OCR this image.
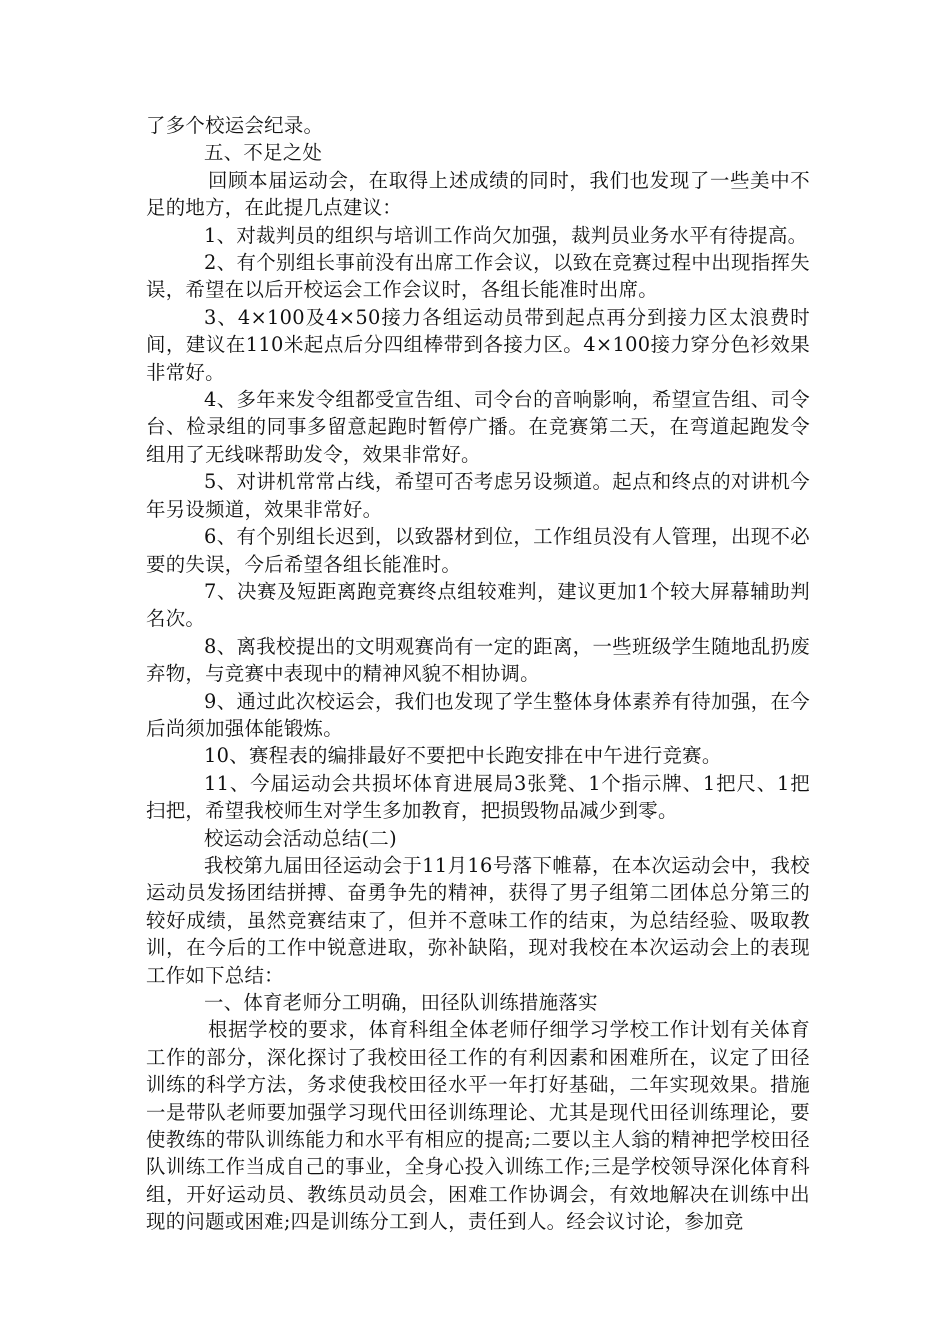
了多个校运会纪录。

五、不足之处

回顾本届运动会，在取得上述成绩的同时，我们也发现了一些美中不足的地方，在此提几点建议：

1、对裁判员的组织与培训工作尚欠加强，裁判员业务水平有待提高。

2、有个别组长事前没有出席工作会议，以致在竞赛过程中出现指挥失误，希望在以后开校运会工作会议时，各组长能准时出席。

3、4×100及4×50接力各组运动员带到起点再分到接力区太浪费时间，建议在110米起点后分四组棒带到各接力区。4×100接力穿分色衫效果非常好。

4、多年来发令组都受宣告组、司令台的音响影响，希望宣告组、司令台、检录组的同事多留意起跑时暂停广播。在竞赛第二天，在弯道起跑发令组用了无线咪帮助发令，效果非常好。

5、对讲机常常占线，希望可否考虑另设频道。起点和终点的对讲机今年另设频道，效果非常好。

6、有个别组长迟到，以致器材到位，工作组员没有人管理，出现不必要的失误，今后希望各组长能准时。

7、决赛及短距离跑竞赛终点组较难判，建议更加1个较大屏幕辅助判名次。

8、离我校提出的文明观赛尚有一定的距离，一些班级学生随地乱扔废弃物，与竞赛中表现中的精神风貌不相协调。

9、通过此次校运会，我们也发现了学生整体身体素养有待加强，在今后尚须加强体能锻炼。

10、赛程表的编排最好不要把中长跑安排在中午进行竞赛。

11、今届运动会共损坏体育进展局3张凳、1个指示牌、1把尺、1把扫把，希望我校师生对学生多加教育，把损毁物品减少到零。

校运动会活动总结(二)

我校第九届田径运动会于11月16号落下帷幕，在本次运动会中，我校运动员发扬团结拼搏、奋勇争先的精神，获得了男子组第二团体总分第三的较好成绩，虽然竞赛结束了，但并不意味工作的结束，为总结经验、吸取教训，在今后的工作中锐意进取，弥补缺陷，现对我校在本次运动会上的表现工作如下总结：

一、体育老师分工明确，田径队训练措施落实

根据学校的要求，体育科组全体老师仔细学习学校工作计划有关体育工作的部分，深化探讨了我校田径工作的有利因素和困难所在，议定了田径训练的科学方法，务求使我校田径水平一年打好基础，二年实现效果。措施一是带队老师要加强学习现代田径训练理论、尤其是现代田径训练理论，要使教练的带队训练能力和水平有相应的提高;二要以主人翁的精神把学校田径队训练工作当成自己的事业，全身心投入训练工作;三是学校领导深化体育科组，开好运动员、教练员动员会，困难工作协调会，有效地解决在训练中出现的问题或困难;四是训练分工到人，责任到人。经会议讨论，参加竞
